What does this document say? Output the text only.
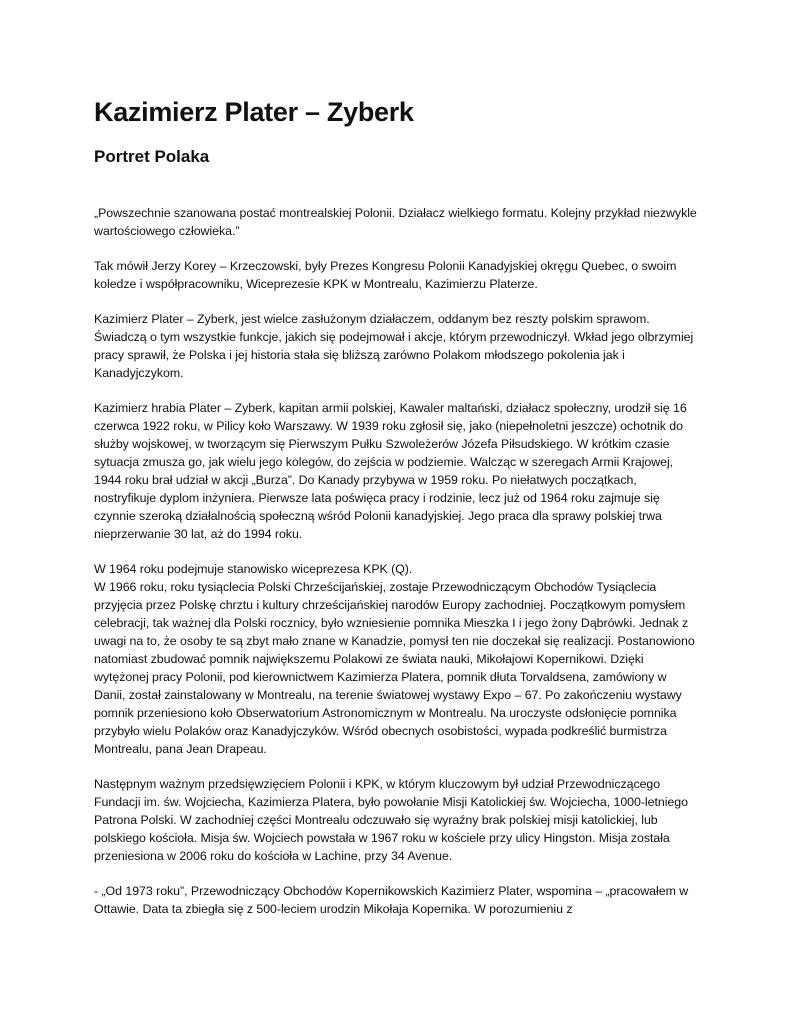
Kazimierz Plater – Zyberk
Portret Polaka

„Powszechnie szanowana postać montrealskiej Polonii. Działacz wielkiego formatu. Kolejny przykład niezwykle wartościowego człowieka.”

Tak mówił Jerzy Korey – Krzeczowski, były Prezes Kongresu Polonii Kanadyjskiej okręgu Quebec, o swoim koledze i współpracowniku, Wiceprezesie KPK w Montrealu, Kazimierzu Platerze.

Kazimierz Plater – Zyberk, jest wielce zasłużonym działaczem, oddanym bez reszty polskim sprawom. Świadczą o tym wszystkie funkcje, jakich się podejmował i akcje, którym przewodniczył. Wkład jego olbrzymiej pracy sprawił, że Polska i jej historia stała się bliższą zarówno Polakom młodszego pokolenia jak i Kanadyjczykom.

Kazimierz hrabia Plater – Zyberk, kapitan armii polskiej, Kawaler maltański, działacz społeczny, urodził się 16 czerwca 1922 roku, w Pilicy koło Warszawy. W 1939 roku zgłosił się, jako (niepełnoletni jeszcze) ochotnik do służby wojskowej, w tworzącym się Pierwszym Pułku Szwoleżerów Józefa Piłsudskiego. W krótkim czasie sytuacja zmusza go, jak wielu jego kolegów, do zejścia w podziemie. Walcząc w szeregach Armii Krajowej, 1944 roku brał udział w akcji „Burza”. Do Kanady przybywa w 1959 roku. Po niełatwych początkach, nostryfikuje dyplom inżyniera. Pierwsze lata poświęca pracy i rodzinie, lecz już od 1964 roku zajmuje się czynnie szeroką działalnością społeczną wśród Polonii kanadyjskiej. Jego praca dla sprawy polskiej trwa nieprzerwanie 30 lat, aż do 1994 roku.

W 1964 roku podejmuje stanowisko wiceprezesa KPK (Q).

W 1966 roku, roku tysiąclecia Polski Chrześcijańskiej, zostaje Przewodniczącym Obchodów Tysiąclecia przyjęcia przez Polskę chrztu i kultury chrześcijańskiej narodów Europy zachodniej. Początkowym pomysłem celebracji, tak ważnej dla Polski rocznicy, było wzniesienie pomnika Mieszka I i jego żony Dąbrówki. Jednak z uwagi na to, że osoby te są zbyt mało znane w Kanadzie, pomysł ten nie doczekał się realizacji. Postanowiono natomiast zbudować pomnik największemu Polakowi ze świata nauki, Mikołajowi Kopernikowi. Dzięki wytężonej pracy Polonii, pod kierownictwem Kazimierza Platera, pomnik dłuta Torvaldsena, zamówiony w Danii, został zainstalowany w Montrealu, na terenie światowej wystawy Expo – 67. Po zakończeniu wystawy pomnik przeniesiono koło Obserwatorium Astronomicznym w Montrealu. Na uroczyste odsłonięcie pomnika przybyło wielu Polaków oraz Kanadyjczyków. Wśród obecnych osobistości, wypada podkreślić burmistrza Montrealu, pana Jean Drapeau.

Następnym ważnym przedsięwzięciem Polonii i KPK, w którym kluczowym był udział Przewodniczącego Fundacji im. św. Wojciecha, Kazimierza Platera, było powołanie Misji Katolickiej św. Wojciecha, 1000-letniego Patrona Polski. W zachodniej części Montrealu odczuwało się wyraźny brak polskiej misji katolickiej, lub polskiego kościoła. Misja św. Wojciech powstała w 1967 roku w kościele przy ulicy Hingston. Misja została przeniesiona w 2006 roku do kościoła w Lachine, przy 34 Avenue.

- „Od 1973 roku”, Przewodniczący Obchodów Kopernikowskich Kazimierz Plater, wspomina – „pracowałem w Ottawie. Data ta zbiegła się z 500-leciem urodzin Mikołaja Kopernika. W porozumieniu z
